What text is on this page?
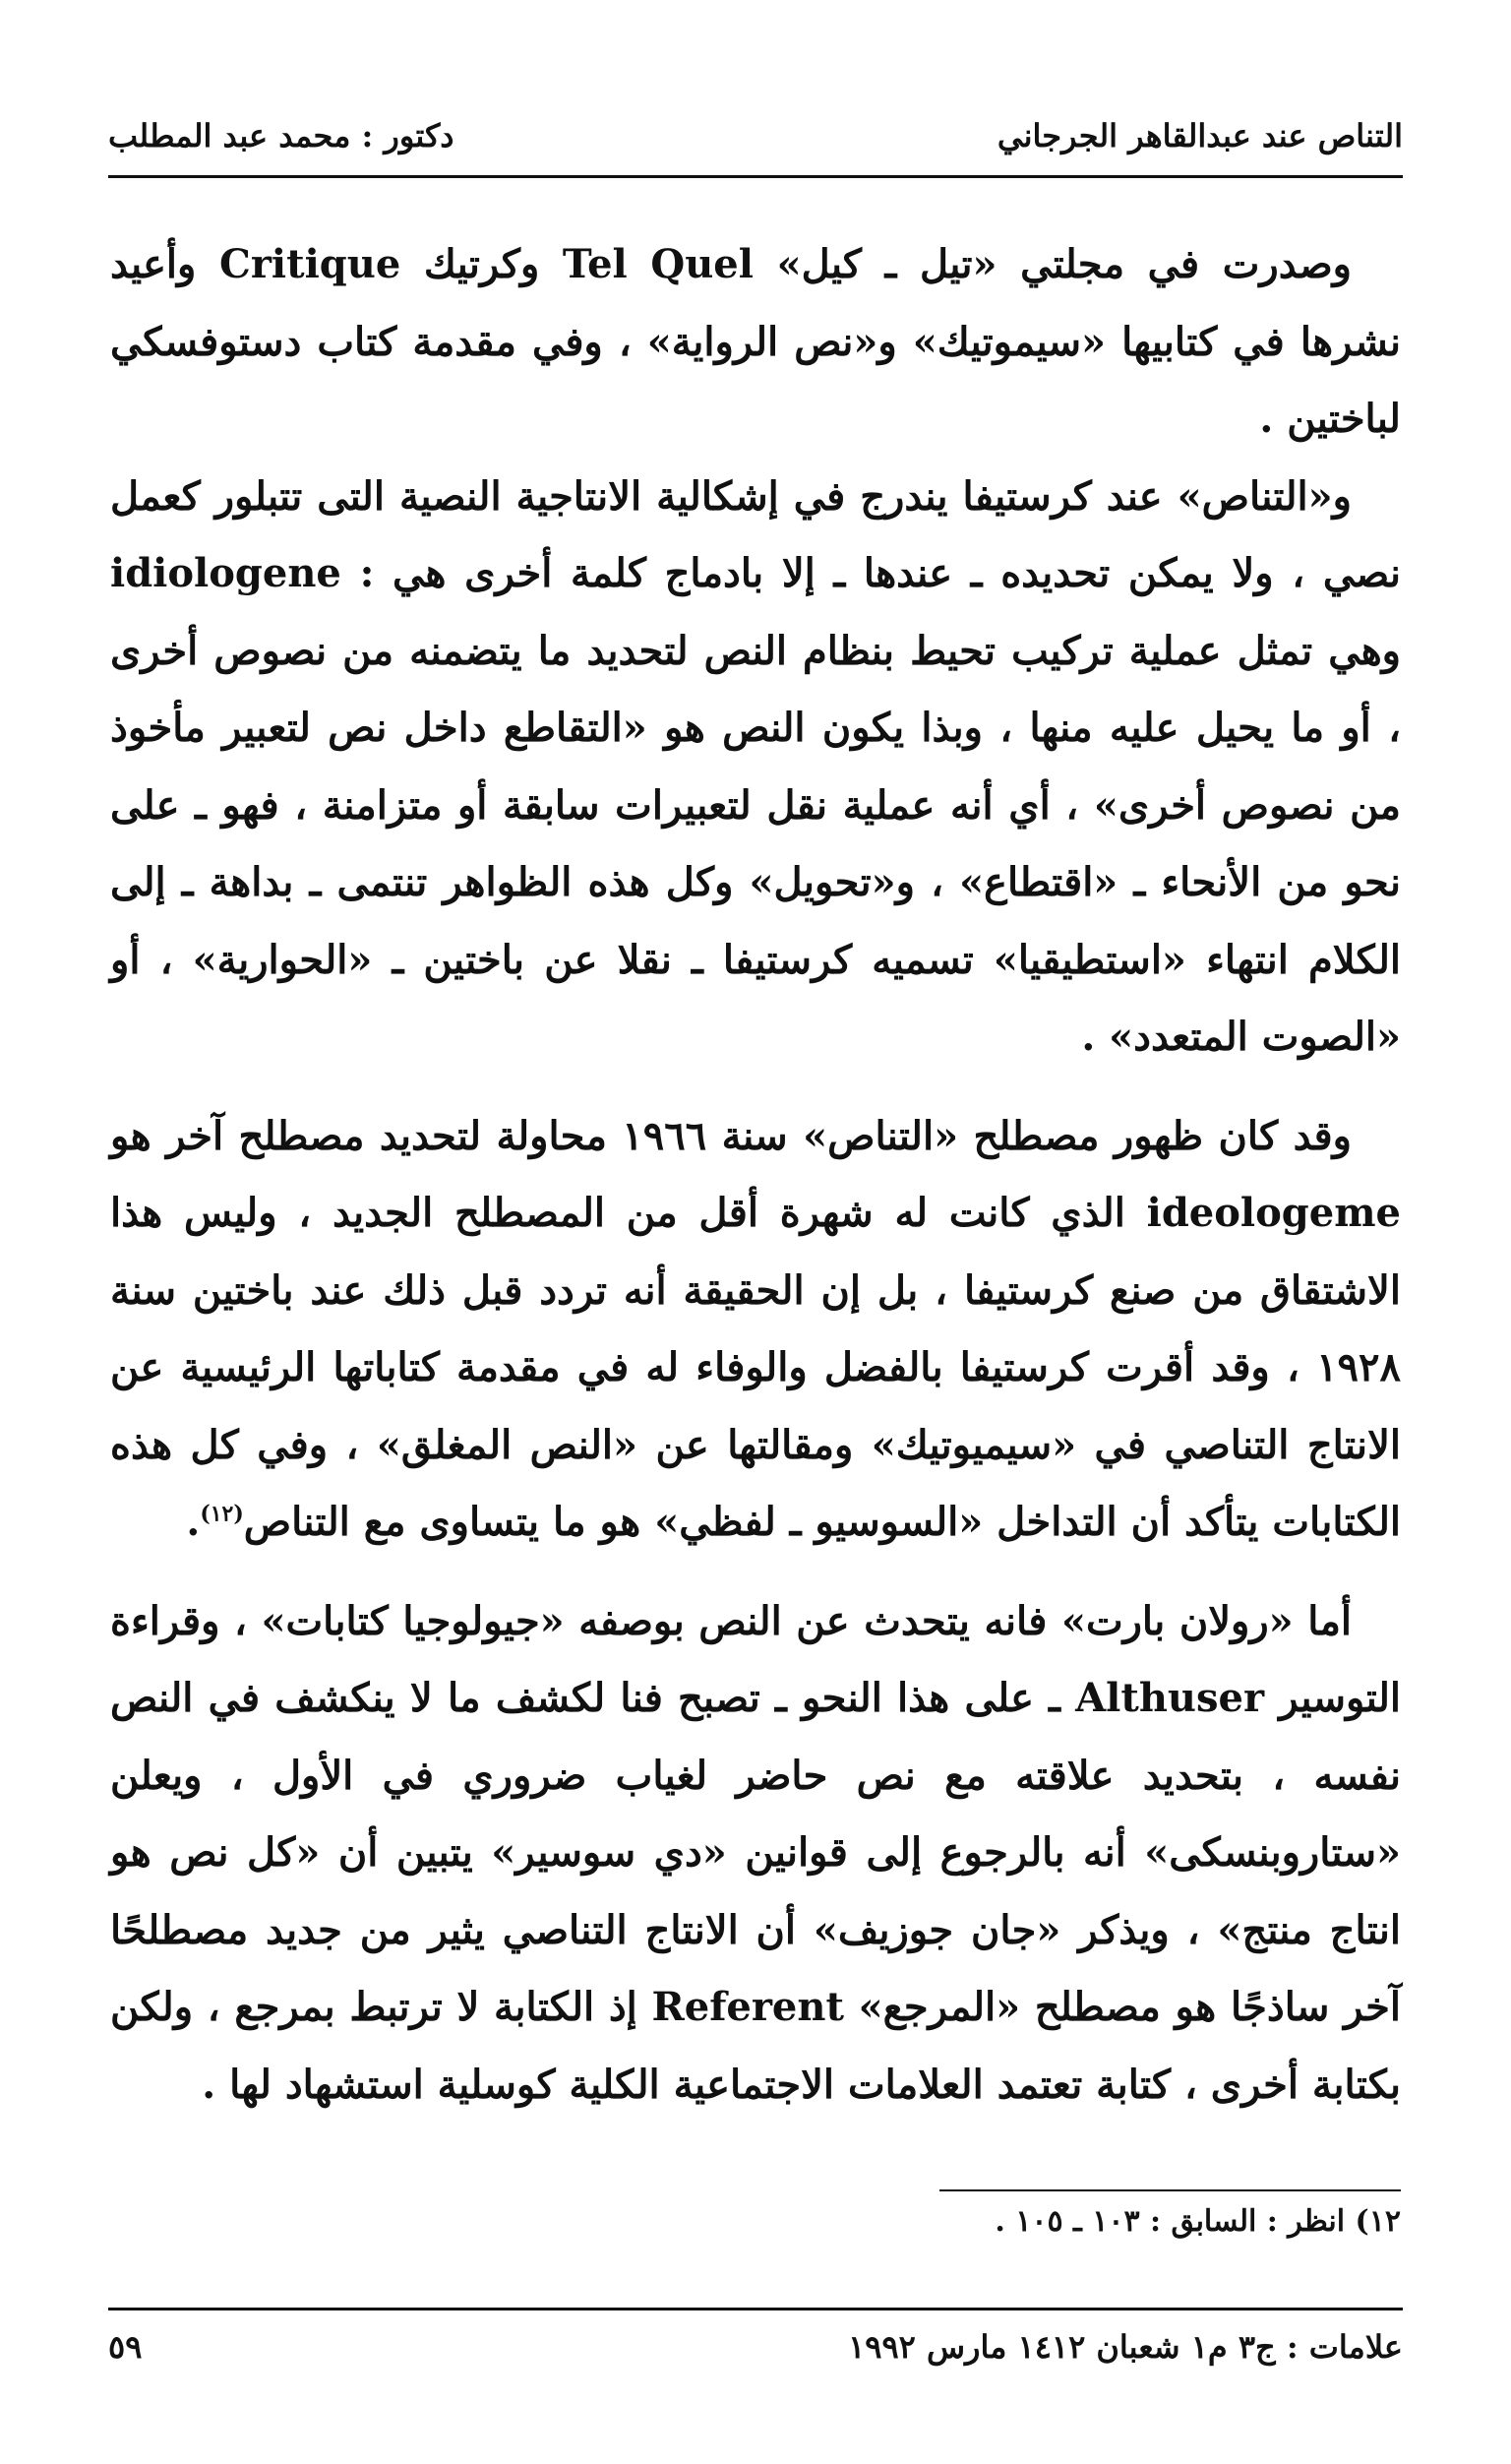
التناص عند عبدالقاهر الجرجاني
دكتور : محمد عبد المطلب

وصدرت في مجلتي «تيل ـ كيل» Tel Quel وكرتيك Critique وأعيد نشرها في كتابيها «سيموتيك» و«نص الرواية» ، وفي مقدمة كتاب دستوفسكي لباختين .

و«التناص» عند كرستيفا يندرج في إشكالية الانتاجية النصية التى تتبلور كعمل نصي ، ولا يمكن تحديده ـ عندها ـ إلا بادماج كلمة أخرى هي : idiologene وهي تمثل عملية تركيب تحيط بنظام النص لتحديد ما يتضمنه من نصوص أخرى ، أو ما يحيل عليه منها ، وبذا يكون النص هو «التقاطع داخل نص لتعبير مأخوذ من نصوص أخرى» ، أي أنه عملية نقل لتعبيرات سابقة أو متزامنة ، فهو ـ على نحو من الأنحاء ـ «اقتطاع» ، و«تحويل» وكل هذه الظواهر تنتمى ـ بداهة ـ إلى الكلام انتهاء «استطيقيا» تسميه كرستيفا ـ نقلا عن باختين ـ «الحوارية» ، أو «الصوت المتعدد» .

وقد كان ظهور مصطلح «التناص» سنة ١٩٦٦ محاولة لتحديد مصطلح آخر هو ideologeme الذي كانت له شهرة أقل من المصطلح الجديد ، وليس هذا الاشتقاق من صنع كرستيفا ، بل إن الحقيقة أنه تردد قبل ذلك عند باختين سنة ١٩٢٨ ، وقد أقرت كرستيفا بالفضل والوفاء له في مقدمة كتاباتها الرئيسية عن الانتاج التناصي في «سيميوتيك» ومقالتها عن «النص المغلق» ، وفي كل هذه الكتابات يتأكد أن التداخل «السوسيو ـ لفظي» هو ما يتساوى مع التناص$^{(١٢)}$.

أما «رولان بارت» فانه يتحدث عن النص بوصفه «جيولوجيا كتابات» ، وقراءة التوسير Althuser ـ على هذا النحو ـ تصبح فنا لكشف ما لا ينكشف في النص نفسه ، بتحديد علاقته مع نص حاضر لغياب ضروري في الأول ، ويعلن «ستاروبنسكى» أنه بالرجوع إلى قوانين «دي سوسير» يتبين أن «كل نص هو انتاج منتج» ، ويذكر «جان جوزيف» أن الانتاج التناصي يثير من جديد مصطلحًا آخر ساذجًا هو مصطلح «المرجع» Referent إذ الكتابة لا ترتبط بمرجع ، ولكن بكتابة أخرى ، كتابة تعتمد العلامات الاجتماعية الكلية كوسلية استشهاد لها .

١٢) انظر : السابق : ١٠٣ ـ ١٠٥ .
علامات : ج٣ م١ شعبان ١٤١٢ مارس ١٩٩٢
٥٩
